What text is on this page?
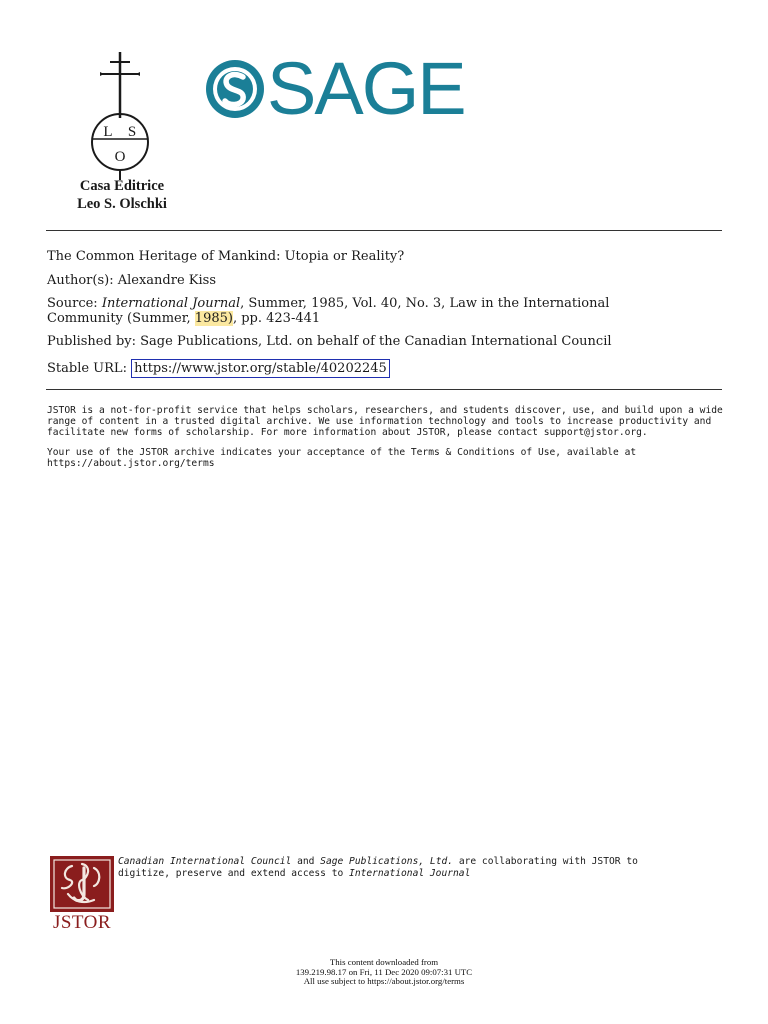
L S
O
Casa Editrice
Leo S. Olschki
SAGE
The Common Heritage of Mankind: Utopia or Reality?
Author(s): Alexandre Kiss
Source: International Journal, Summer, 1985, Vol. 40, No. 3, Law in the International
Community (Summer, 1985), pp. 423-441
Published by: Sage Publications, Ltd. on behalf of the Canadian International Council
Stable URL: https://www.jstor.org/stable/40202245
JSTOR is a not-for-profit service that helps scholars, researchers, and students discover, use, and build upon a wide
range of content in a trusted digital archive. We use information technology and tools to increase productivity and
facilitate new forms of scholarship. For more information about JSTOR, please contact support@jstor.org.
Your use of the JSTOR archive indicates your acceptance of the Terms & Conditions of Use, available at
https://about.jstor.org/terms
JSTOR
Canadian International Council and Sage Publications, Ltd. are collaborating with JSTOR to
digitize, preserve and extend access to International Journal
This content downloaded from
139.219.98.17 on Fri, 11 Dec 2020 09:07:31 UTC
All use subject to https://about.jstor.org/terms
